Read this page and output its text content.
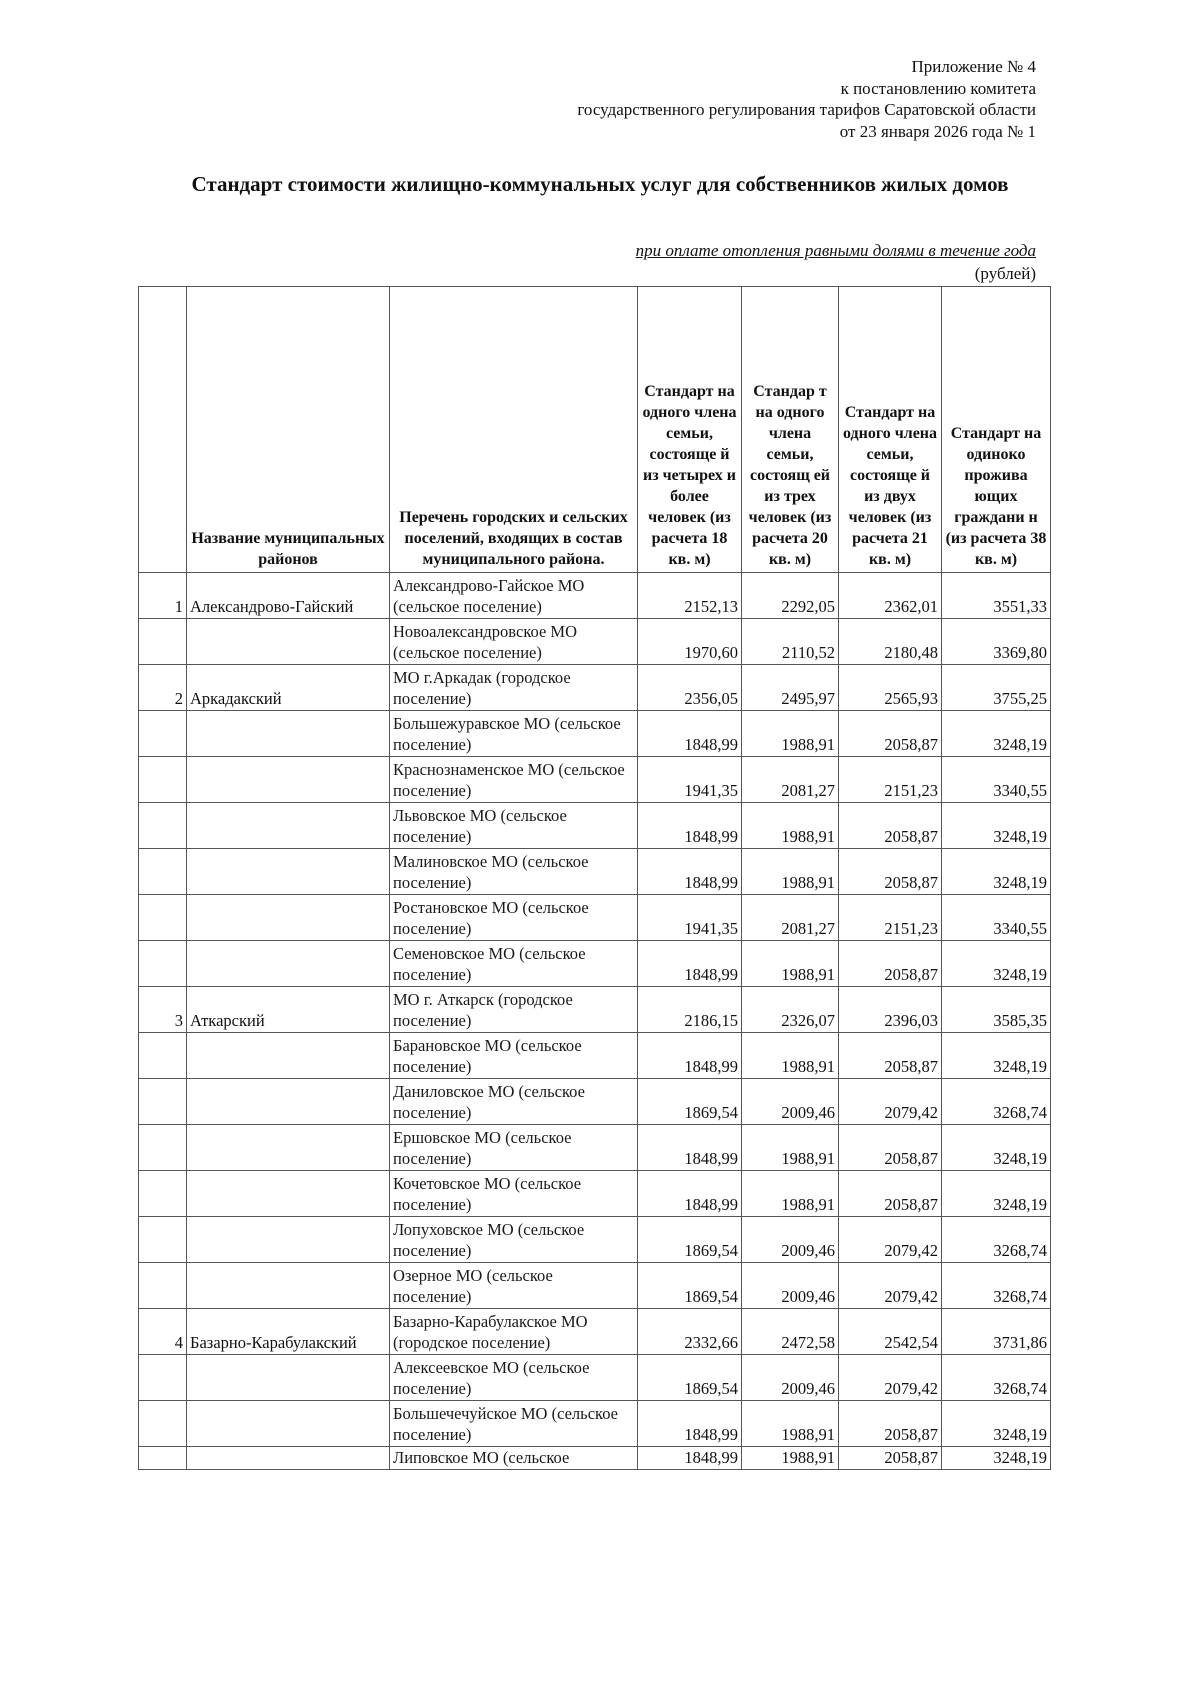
Приложение № 4
к постановлению комитета
государственного регулирования тарифов Саратовской области
от 23 января 2026 года № 1
Стандарт стоимости жилищно-коммунальных услуг для собственников жилых домов
при оплате отопления равными долями в течение года
(рублей)
	Название муниципальных районов	Перечень городских и сельских поселений, входящих в состав муниципального района.	Стандарт на одного члена семьи, состояще й из четырех и более человек (из расчета 18 кв. м)	Стандар т на одного члена семьи, состоящ ей из трех человек (из расчета 20 кв. м)	Стандарт на одного члена семьи, состояще й из двух человек (из расчета 21 кв. м)	Стандарт на одиноко прожива ющих граждани н (из расчета 38 кв. м)
1	Александрово-Гайский	Александрово-Гайское МО (сельское поселение)	2152,13	2292,05	2362,01	3551,33
		Новоалександровское МО (сельское поселение)	1970,60	2110,52	2180,48	3369,80
2	Аркадакский	МО г.Аркадак (городское поселение)	2356,05	2495,97	2565,93	3755,25
		Большежуравское МО (сельское поселение)	1848,99	1988,91	2058,87	3248,19
		Краснознаменское МО (сельское поселение)	1941,35	2081,27	2151,23	3340,55
		Львовское МО (сельское поселение)	1848,99	1988,91	2058,87	3248,19
		Малиновское МО (сельское поселение)	1848,99	1988,91	2058,87	3248,19
		Ростановское МО (сельское поселение)	1941,35	2081,27	2151,23	3340,55
		Семеновское МО (сельское поселение)	1848,99	1988,91	2058,87	3248,19
3	Аткарский	МО г. Аткарск (городское поселение)	2186,15	2326,07	2396,03	3585,35
		Барановское МО (сельское поселение)	1848,99	1988,91	2058,87	3248,19
		Даниловское МО (сельское поселение)	1869,54	2009,46	2079,42	3268,74
		Ершовское МО (сельское поселение)	1848,99	1988,91	2058,87	3248,19
		Кочетовское МО (сельское поселение)	1848,99	1988,91	2058,87	3248,19
		Лопуховское МО (сельское поселение)	1869,54	2009,46	2079,42	3268,74
		Озерное МО (сельское поселение)	1869,54	2009,46	2079,42	3268,74
4	Базарно-Карабулакский	Базарно-Карабулакское МО (городское поселение)	2332,66	2472,58	2542,54	3731,86
		Алексеевское МО (сельское поселение)	1869,54	2009,46	2079,42	3268,74
		Большечечуйское МО (сельское поселение)	1848,99	1988,91	2058,87	3248,19
		Липовское МО (сельское	1848,99	1988,91	2058,87	3248,19
